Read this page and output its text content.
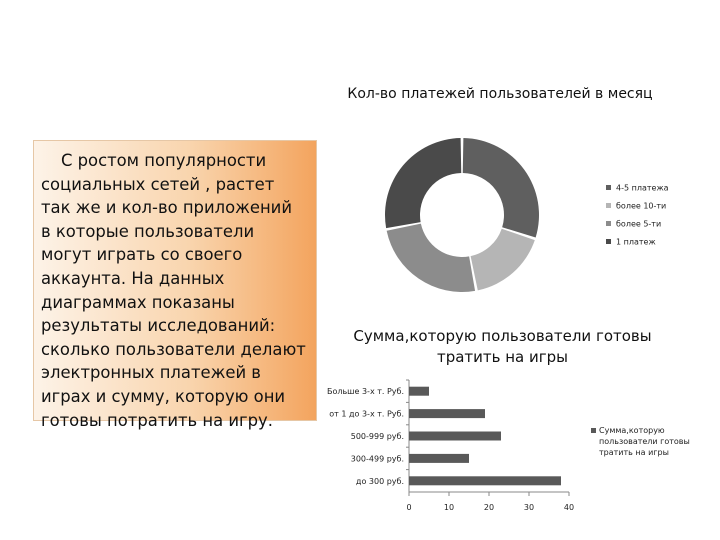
С ростом популярности социальных сетей , растет так же и кол-во приложений в которые пользователи могут играть со своего аккаунта. На данных диаграммах показаны результаты исследований: сколько пользователи делают электронных платежей в играх и сумму, которую они готовы потратить на игру.
Кол-во платежей пользователей в месяц
Сумма,которую пользователи готовы тратить на игры
4-5 платежа
более 10-ти
более 5-ти
1 платеж
0	10	20	30	40
Больше 3-х т. Руб.
от 1 до 3-х т. Руб.
500-999 руб.
300-499 руб.
до 300 руб.
Сумма,которую пользователи готовы тратить на игры
